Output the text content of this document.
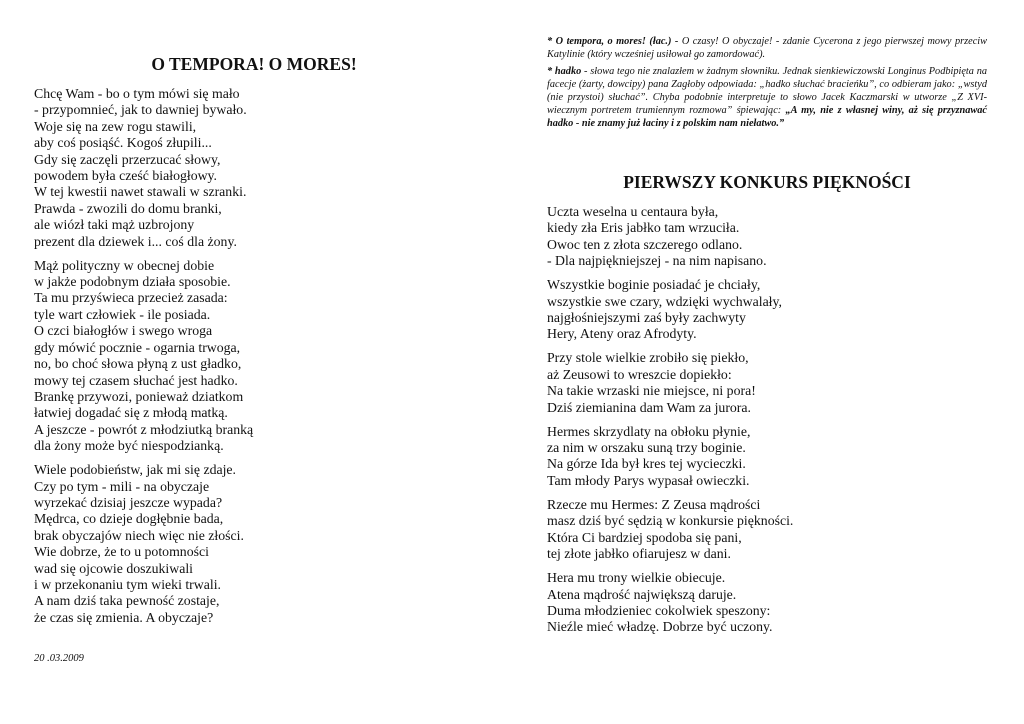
O TEMPORA! O MORES!
Chcę Wam - bo o tym mówi się mało
- przypomnieć, jak to dawniej bywało.
Woje się na zew rogu stawili,
aby coś posiąść. Kogoś złupili...
Gdy się zaczęli przerzucać słowy,
powodem była cześć białogłowy.
W tej kwestii nawet stawali w szranki.
Prawda - zwozili do domu branki,
ale wiózł taki mąż uzbrojony
prezent dla dziewek i... coś dla żony.
Mąż polityczny w obecnej dobie
w jakże podobnym działa sposobie.
Ta mu przyświeca przecież zasada:
tyle wart człowiek - ile posiada.
O czci białogłów i swego wroga
gdy mówić pocznie - ogarnia trwoga,
no, bo choć słowa płyną z ust gładko,
mowy tej czasem słuchać jest hadko.
Brankę przywozi, ponieważ dziatkom
łatwiej dogadać się z młodą matką.
A jeszcze - powrót z młodziutką branką
dla żony może być niespodzianką.
Wiele podobieństw, jak mi się zdaje.
Czy po tym - mili - na obyczaje
wyrzekać dzisiaj jeszcze wypada?
Mędrca, co dzieje dogłębnie bada,
brak obyczajów niech więc nie złości.
Wie dobrze, że to u potomności
wad się ojcowie doszukiwali
i w przekonaniu tym wieki trwali.
A nam dziś taka pewność zostaje,
że czas się zmienia. A obyczaje?
20 .03.2009

* O tempora, o mores! (łac.) - O czasy! O obyczaje! - zdanie Cycerona z jego pierwszej mowy przeciw Katylinie (który wcześniej usiłował go zamordować).

* hadko - słowa tego nie znalazłem w żadnym słowniku. Jednak sienkiewiczowski Longinus Podbipięta na facecje (żarty, dowcipy) pana Zagłoby odpowiada: „hadko słuchać bracieńku”, co odbieram jako: „wstyd (nie przystoi) słuchać”. Chyba podobnie interpretuje to słowo Jacek Kaczmarski w utworze „Z XVI-wiecznym portretem trumiennym rozmowa” śpiewając: „A my, nie z własnej winy, aż się przyznawać hadko - nie znamy już łaciny i z polskim nam niełatwo.”

PIERWSZY KONKURS PIĘKNOŚCI
Uczta weselna u centaura była,
kiedy zła Eris jabłko tam wrzuciła.
Owoc ten z złota szczerego odlano.
- Dla najpiękniejszej - na nim napisano.
Wszystkie boginie posiadać je chciały,
wszystkie swe czary, wdzięki wychwalały,
najgłośniejszymi zaś były zachwyty
Hery, Ateny oraz Afrodyty.
Przy stole wielkie zrobiło się piekło,
aż Zeusowi to wreszcie dopiekło:
Na takie wrzaski nie miejsce, ni pora!
Dziś ziemianina dam Wam za jurora.
Hermes skrzydlaty na obłoku płynie,
za nim w orszaku suną trzy boginie.
Na górze Ida był kres tej wycieczki.
Tam młody Parys wypasał owieczki.
Rzecze mu Hermes: Z Zeusa mądrości
masz dziś być sędzią w konkursie piękności.
Która Ci bardziej spodoba się pani,
tej złote jabłko ofiarujesz w dani.
Hera mu trony wielkie obiecuje.
Atena mądrość największą daruje.
Duma młodzieniec cokolwiek speszony:
Nieźle mieć władzę. Dobrze być uczony.
